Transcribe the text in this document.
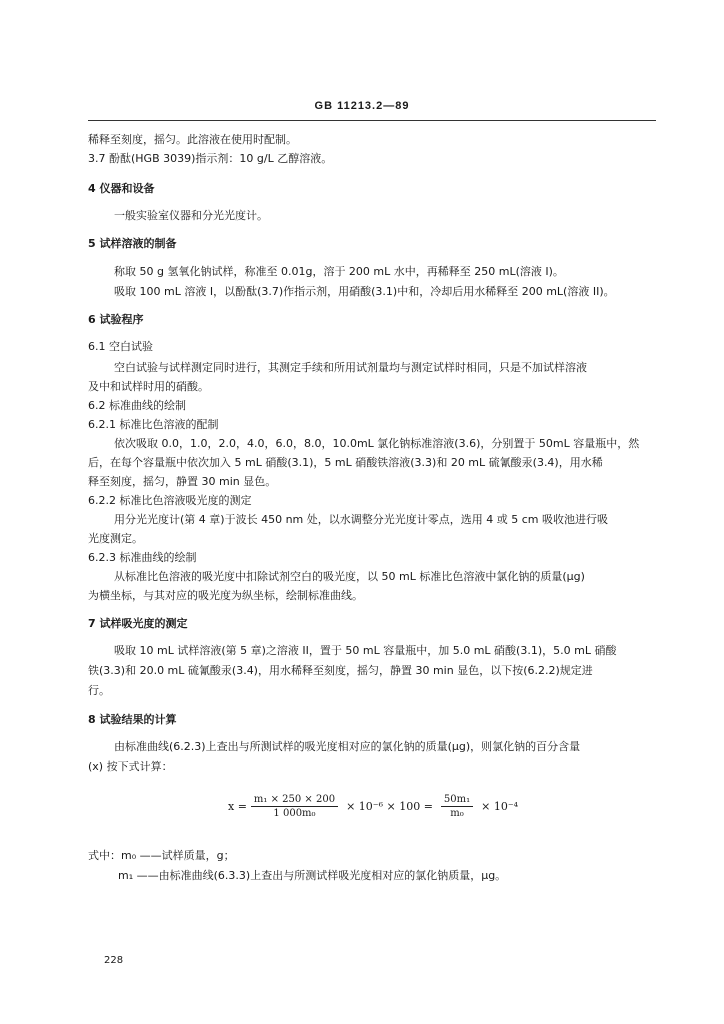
GB 11213.2—89
稀释至刻度，摇匀。此溶液在使用时配制。
3.7 酚酞(HGB 3039)指示剂：10 g/L 乙醇溶液。
4 仪器和设备
一般实验室仪器和分光光度计。
5 试样溶液的制备
称取 50 g 氢氧化钠试样，称准至 0.01g，溶于 200 mL 水中，再稀释至 250 mL(溶液 I)。
吸取 100 mL 溶液 I，以酚酞(3.7)作指示剂，用硝酸(3.1)中和，冷却后用水稀释至 200 mL(溶液 II)。
6 试验程序
6.1 空白试验
空白试验与试样测定同时进行，其测定手续和所用试剂量均与测定试样时相同，只是不加试样溶液
及中和试样时用的硝酸。
6.2 标准曲线的绘制
6.2.1 标准比色溶液的配制
依次吸取 0.0，1.0，2.0，4.0，6.0，8.0，10.0mL 氯化钠标准溶液(3.6)，分别置于 50mL 容量瓶中，然
后，在每个容量瓶中依次加入 5 mL 硝酸(3.1)，5 mL 硝酸铁溶液(3.3)和 20 mL 硫氰酸汞(3.4)，用水稀
释至刻度，摇匀，静置 30 min 显色。
6.2.2 标准比色溶液吸光度的测定
用分光光度计(第 4 章)于波长 450 nm 处，以水调整分光光度计零点，选用 4 或 5 cm 吸收池进行吸
光度测定。
6.2.3 标准曲线的绘制
从标准比色溶液的吸光度中扣除试剂空白的吸光度，以 50 mL 标准比色溶液中氯化钠的质量(μg)
为横坐标，与其对应的吸光度为纵坐标，绘制标准曲线。
7 试样吸光度的测定
吸取 10 mL 试样溶液(第 5 章)之溶液 II，置于 50 mL 容量瓶中，加 5.0 mL 硝酸(3.1)，5.0 mL 硝酸
铁(3.3)和 20.0 mL 硫氰酸汞(3.4)，用水稀释至刻度，摇匀，静置 30 min 显色，以下按(6.2.2)规定进
行。
8 试验结果的计算
由标准曲线(6.2.3)上查出与所测试样的吸光度相对应的氯化钠的质量(μg)，则氯化钠的百分含量
(x) 按下式计算：
$x = \frac{\text{m₁ × 250 × 200}}{\text{1 000m₀}} \times 10^{-6} \times 100 = \frac{\text{50m₁}}{\text{m₀}} \times 10^{-4}$
式中：m₀ ——试样质量，g；
m₁ ——由标准曲线(6.3.3)上查出与所测试样吸光度相对应的氯化钠质量，μg。
228
